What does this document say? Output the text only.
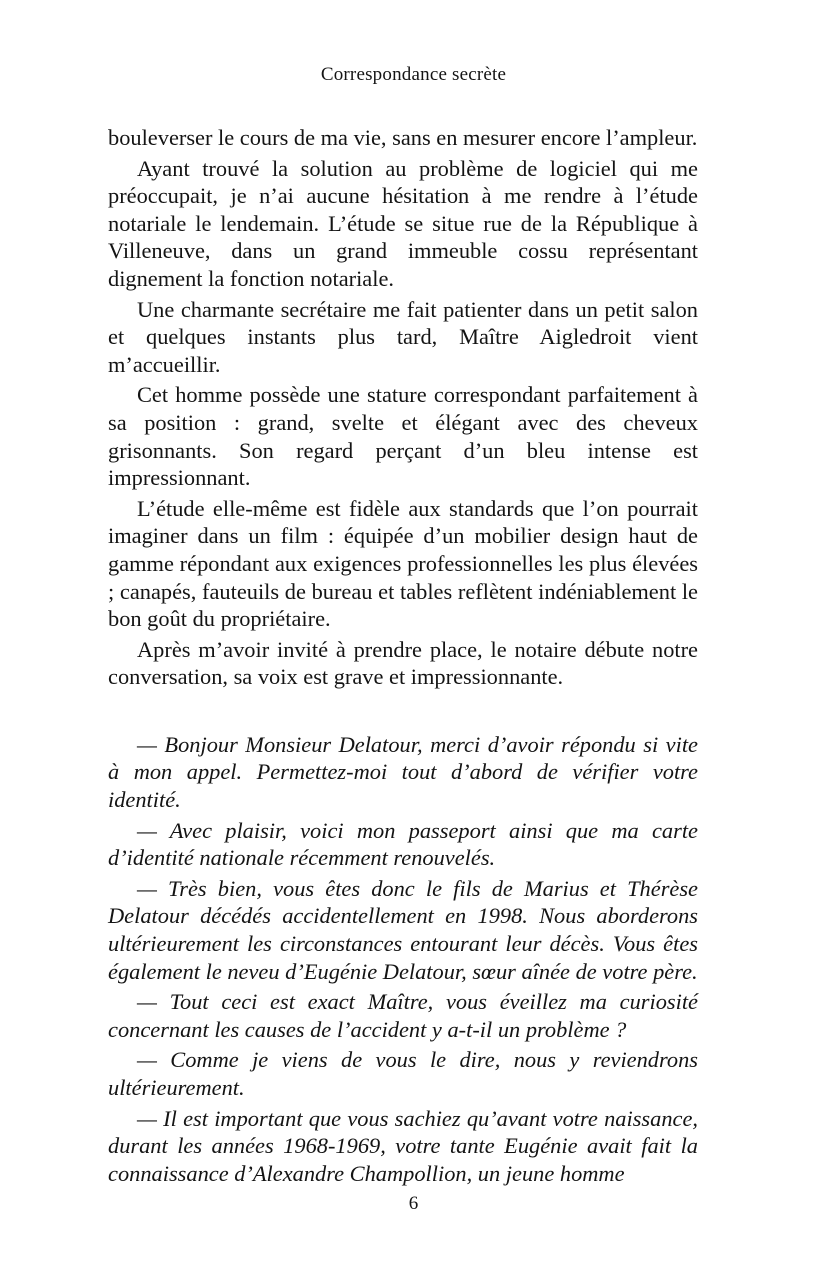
Correspondance secrète

bouleverser le cours de ma vie, sans en mesurer encore l’ampleur.

Ayant trouvé la solution au problème de logiciel qui me préoccupait, je n’ai aucune hésitation à me rendre à l’étude notariale le lendemain. L’étude se situe rue de la République à Villeneuve, dans un grand immeuble cossu représentant dignement la fonction notariale.

Une charmante secrétaire me fait patienter dans un petit salon et quelques instants plus tard, Maître Aigledroit vient m’accueillir.

Cet homme possède une stature correspondant parfaitement à sa position : grand, svelte et élégant avec des cheveux grisonnants. Son regard perçant d’un bleu intense est impressionnant.

L’étude elle-même est fidèle aux standards que l’on pourrait imaginer dans un film : équipée d’un mobilier design haut de gamme répondant aux exigences professionnelles les plus élevées ; canapés, fauteuils de bureau et tables reflètent indéniablement le bon goût du propriétaire.

Après m’avoir invité à prendre place, le notaire débute notre conversation, sa voix est grave et impressionnante.

— Bonjour Monsieur Delatour, merci d’avoir répondu si vite à mon appel. Permettez-moi tout d’abord de vérifier votre identité.

— Avec plaisir, voici mon passeport ainsi que ma carte d’identité nationale récemment renouvelés.

— Très bien, vous êtes donc le fils de Marius et Thérèse Delatour décédés accidentellement en 1998. Nous aborderons ultérieurement les circonstances entourant leur décès. Vous êtes également le neveu d’Eugénie Delatour, sœur aînée de votre père.

— Tout ceci est exact Maître, vous éveillez ma curiosité concernant les causes de l’accident y a-t-il un problème ?

— Comme je viens de vous le dire, nous y reviendrons ultérieurement.

— Il est important que vous sachiez qu’avant votre naissance, durant les années 1968-1969, votre tante Eugénie avait fait la connaissance d’Alexandre Champollion, un jeune homme

6
